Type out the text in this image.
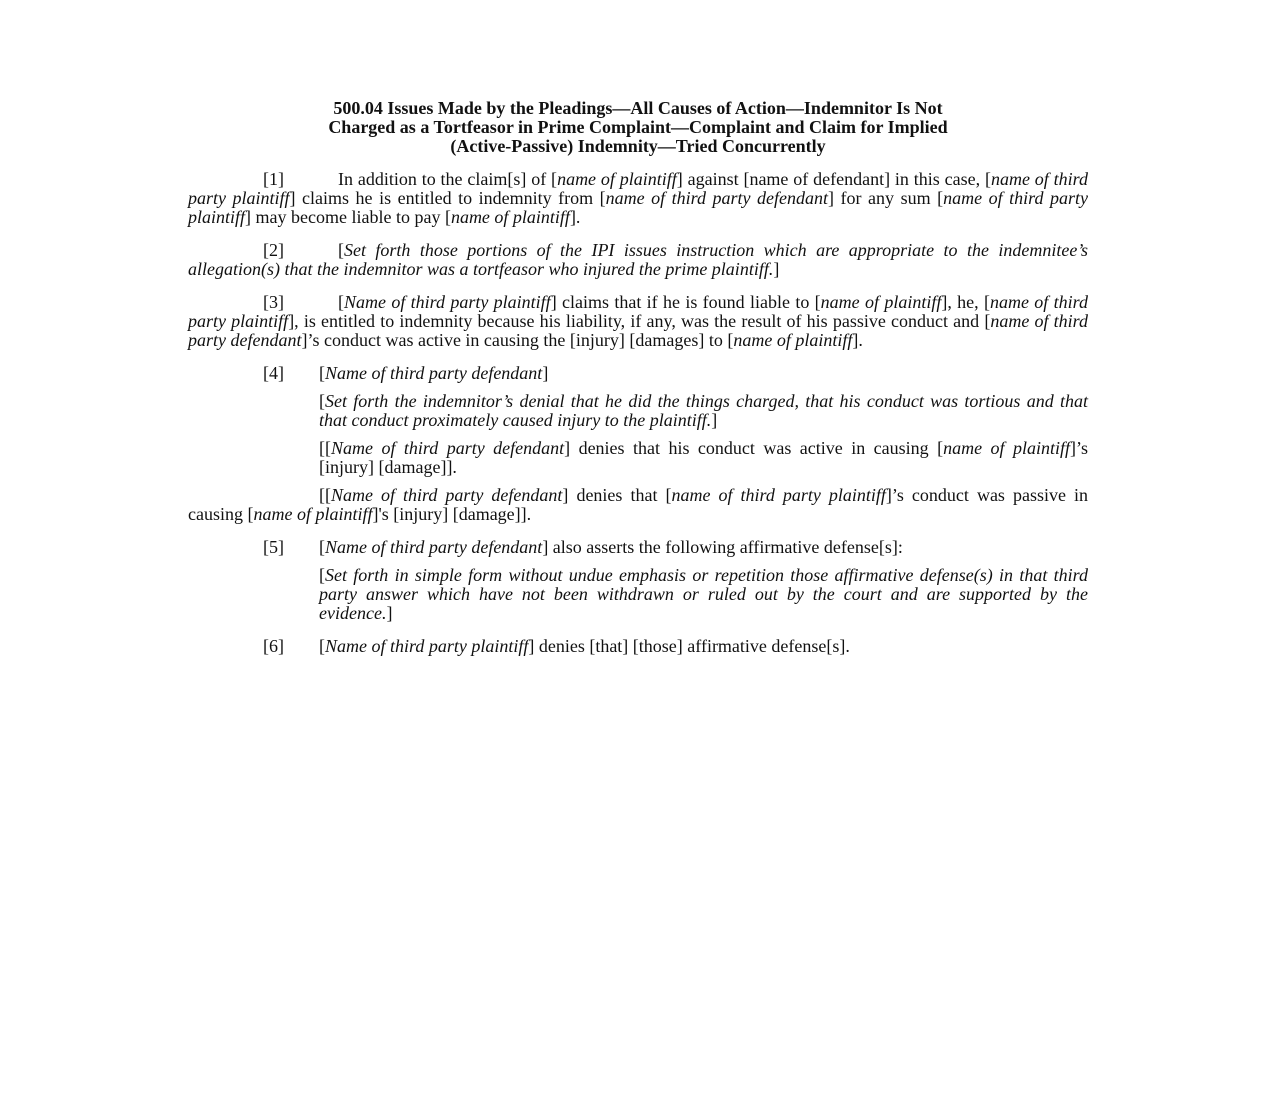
500.04 Issues Made by the Pleadings—All Causes of Action—Indemnitor Is Not
Charged as a Tortfeasor in Prime Complaint—Complaint and Claim for Implied
(Active-Passive) Indemnity—Tried Concurrently

[1]	In addition to the claim[s] of [name of plaintiff] against [name of defendant] in this case, [name of third party plaintiff] claims he is entitled to indemnity from [name of third party defendant] for any sum [name of third party plaintiff] may become liable to pay [name of plaintiff].

[2]	[Set forth those portions of the IPI issues instruction which are appropriate to the indemnitee’s allegation(s) that the indemnitor was a tortfeasor who injured the prime plaintiff.]

[3]	[Name of third party plaintiff] claims that if he is found liable to [name of plaintiff], he, [name of third party plaintiff], is entitled to indemnity because his liability, if any, was the result of his passive conduct and [name of third party defendant]’s conduct was active in causing the [injury] [damages] to [name of plaintiff].

[4] [Name of third party defendant]

[Set forth the indemnitor’s denial that he did the things charged, that his conduct was tortious and that that conduct proximately caused injury to the plaintiff.]

[[Name of third party defendant] denies that his conduct was active in causing [name of plaintiff]’s [injury] [damage]].

[[Name of third party defendant] denies that [name of third party plaintiff]’s conduct was passive in causing [name of plaintiff]'s [injury] [damage]].

[5] [Name of third party defendant] also asserts the following affirmative defense[s]:

[Set forth in simple form without undue emphasis or repetition those affirmative defense(s) in that third party answer which have not been withdrawn or ruled out by the court and are supported by the evidence.]

[6] [Name of third party plaintiff] denies [that] [those] affirmative defense[s].
